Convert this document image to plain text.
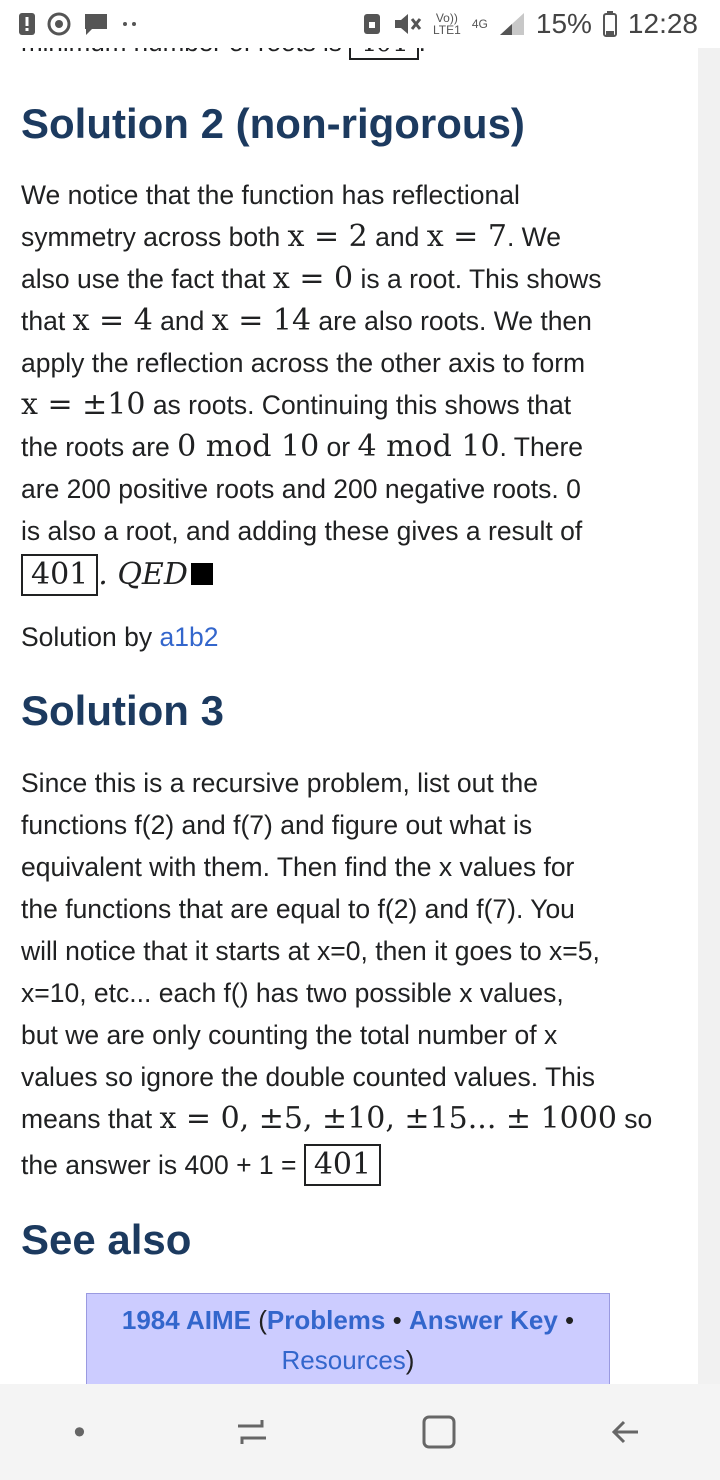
Solution 2 (non-rigorous)
We notice that the function has reflectional
symmetry across both x = 2 and x = 7. We
also use the fact that x = 0 is a root. This shows
that x = 4 and x = 14 are also roots. We then
apply the reflection across the other axis to form
x = ±10 as roots. Continuing this shows that
the roots are 0 mod 10 or 4 mod 10. There
are 200 positive roots and 200 negative roots. 0
is also a root, and adding these gives a result of
401 . QED
Solution by a1b2
Solution 3
Since this is a recursive problem, list out the
functions f(2) and f(7) and figure out what is
equivalent with them. Then find the x values for
the functions that are equal to f(2) and f(7). You
will notice that it starts at x=0, then it goes to x=5,
x=10, etc... each f() has two possible x values,
but we are only counting the total number of x
values so ignore the double counted values. This
means that x = 0, ±5, ±10, ±15... ± 1000 so
the answer is 400 + 1 = 401
See also
1984 AIME (Problems • Answer Key •
Resources)
Vo)) LTE1 4G 15% 12:28
•
